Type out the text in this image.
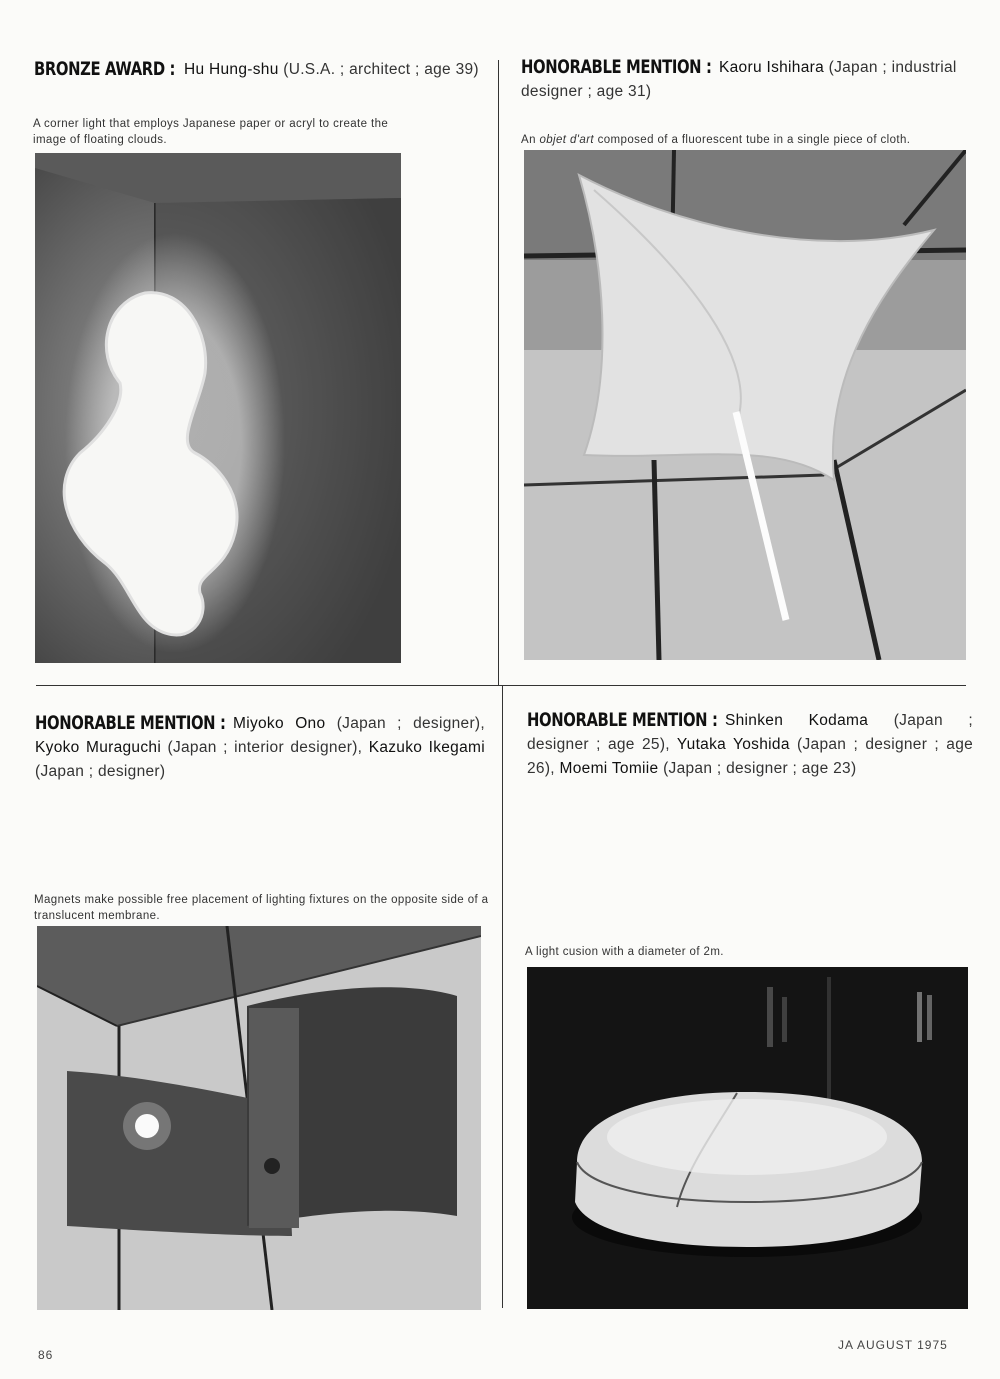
BRONZE AWARD : Hu Hung-shu (U.S.A. ; architect ; age 39)
A corner light that employs Japanese paper or acryl to create the image of floating clouds.
HONORABLE MENTION : Kaoru Ishihara (Japan ; industrial designer ; age 31)
An objet d'art composed of a fluorescent tube in a single piece of cloth.
HONORABLE MENTION : Miyoko Ono (Japan ; designer), Kyoko Muraguchi (Japan ; interior designer), Kazuko Ikegami (Japan ; designer)
Magnets make possible free placement of lighting fixtures on the opposite side of a translucent membrane.
HONORABLE MENTION : Shinken Kodama (Japan ; designer ; age 25), Yutaka Yoshida (Japan ; designer ; age 26), Moemi Tomiie (Japan ; designer ; age 23)
A light cusion with a diameter of 2m.
86
JA AUGUST 1975
